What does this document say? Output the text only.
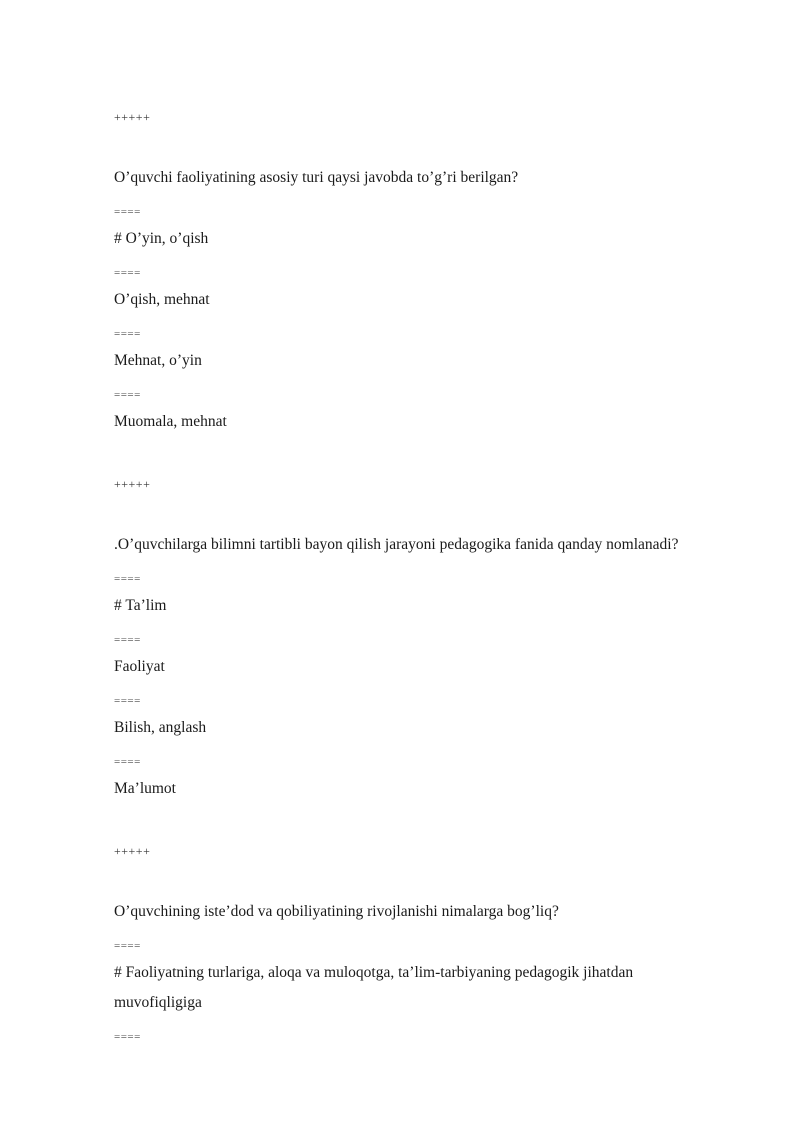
+++++
O’quvchi faoliyatining asosiy turi qaysi javobda to’g’ri berilgan?
====
# O’yin, o’qish
====
O’qish, mehnat
====
Mehnat, o’yin
====
Muomala, mehnat
+++++
.O’quvchilarga bilimni tartibli bayon qilish jarayoni pedagogika fanida qanday nomlanadi?
====
# Ta’lim
====
Faoliyat
====
Bilish, anglash
====
Ma’lumot
+++++
O’quvchining iste’dod va qobiliyatining rivojlanishi nimalarga bog’liq?
====
# Faoliyatning turlariga, aloqa va muloqotga, ta’lim-tarbiyaning pedagogik jihatdan
muvofiqligiga
====
